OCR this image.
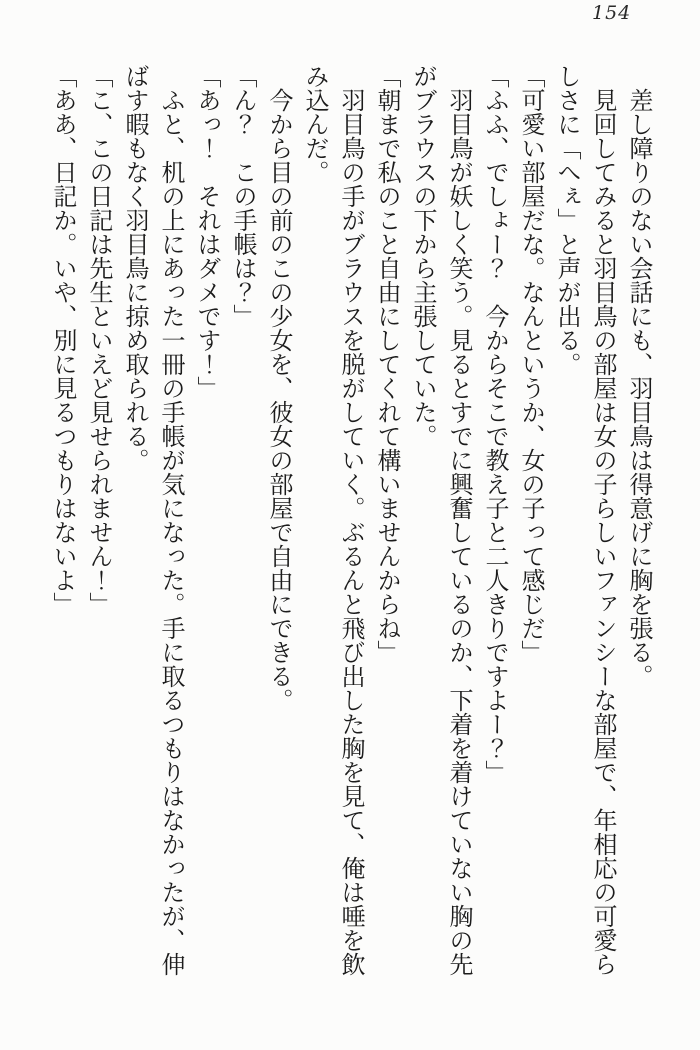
154

差し障りのない会話にも、羽目鳥は得意げに胸を張る。

見回してみると羽目鳥の部屋は女の子らしいファンシーな部屋で、年相応の可愛らしさに「へぇ」と声が出る。

「可愛い部屋だな。なんというか、女の子って感じだ」

「ふふ、でしょー？　今からそこで教え子と二人きりですよー？」

羽目鳥が妖しく笑う。見るとすでに興奮しているのか、下着を着けていない胸の先がブラウスの下から主張していた。

「朝まで私のこと自由にしてくれて構いませんからね」

羽目鳥の手がブラウスを脱がしていく。ぶるんと飛び出した胸を見て、俺は唾を飲み込んだ。

今から目の前のこの少女を、彼女の部屋で自由にできる。

「ん？　この手帳は？」

「あっ！　それはダメです！」

ふと、机の上にあった一冊の手帳が気になった。手に取るつもりはなかったが、伸ばす暇もなく羽目鳥に掠め取られる。

「こ、この日記は先生といえど見せられません！」

「ああ、日記か。いや、別に見るつもりはないよ」
